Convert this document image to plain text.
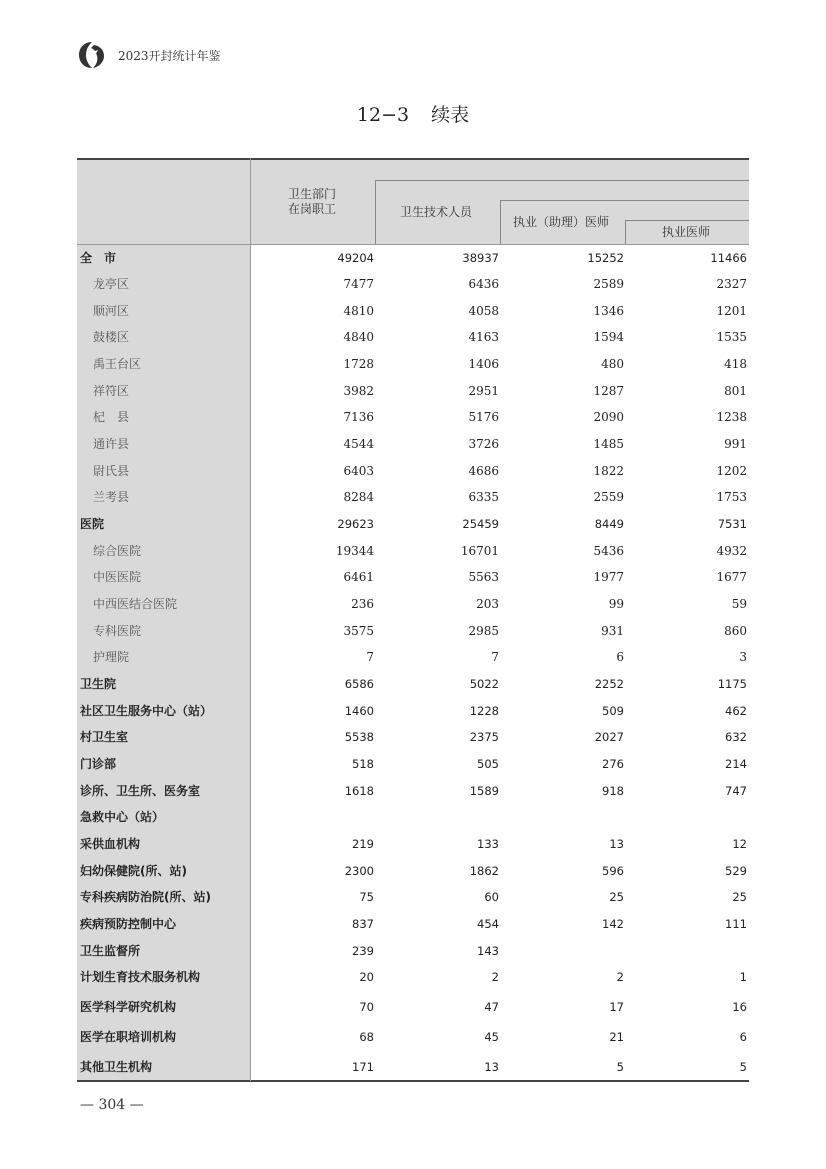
2023开封统计年鉴
12−3 续表
卫生部门
在岗职工	卫生技术人员
执业（助理）医师
执业医师
全　市	49204	38937	15252	11466
龙亭区	7477	6436	2589	2327
顺河区	4810	4058	1346	1201
鼓楼区	4840	4163	1594	1535
禹王台区	1728	1406	480	418
祥符区	3982	2951	1287	801
杞　县	7136	5176	2090	1238
通许县	4544	3726	1485	991
尉氏县	6403	4686	1822	1202
兰考县	8284	6335	2559	1753
医院	29623	25459	8449	7531
综合医院	19344	16701	5436	4932
中医医院	6461	5563	1977	1677
中西医结合医院	236	203	99	59
专科医院	3575	2985	931	860
护理院	7	7	6	3
卫生院	6586	5022	2252	1175
社区卫生服务中心（站）	1460	1228	509	462
村卫生室	5538	2375	2027	632
门诊部	518	505	276	214
诊所、卫生所、医务室	1618	1589	918	747
急救中心（站）
采供血机构	219	133	13	12
妇幼保健院(所、站)	2300	1862	596	529
专科疾病防治院(所、站)	75	60	25	25
疾病预防控制中心	837	454	142	111
卫生监督所	239	143
计划生育技术服务机构	20	2	2	1
医学科学研究机构	70	47	17	16
医学在职培训机构	68	45	21	6
其他卫生机构	171	13	5	5
— 304 —
